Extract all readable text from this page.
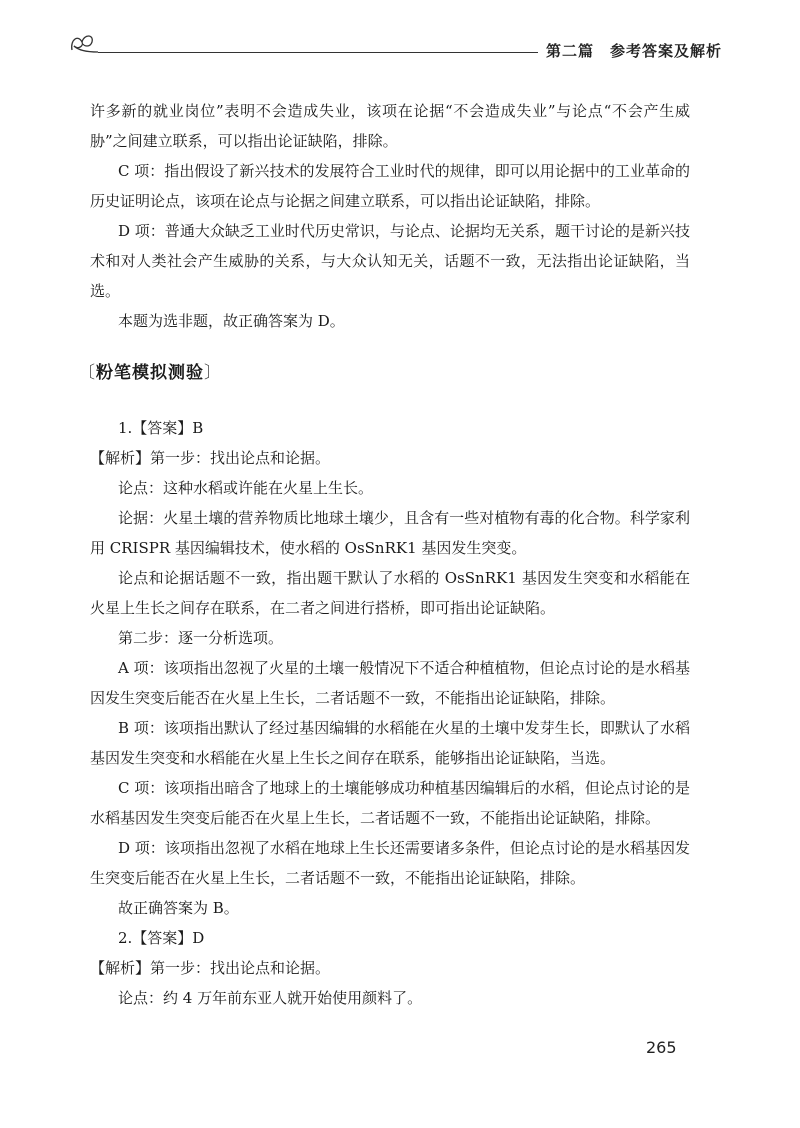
第二篇　参考答案及解析

许多新的就业岗位”表明不会造成失业，该项在论据“不会造成失业”与论点“不会产生威胁”之间建立联系，可以指出论证缺陷，排除。

C 项：指出假设了新兴技术的发展符合工业时代的规律，即可以用论据中的工业革命的历史证明论点，该项在论点与论据之间建立联系，可以指出论证缺陷，排除。

D 项：普通大众缺乏工业时代历史常识，与论点、论据均无关系，题干讨论的是新兴技术和对人类社会产生威胁的关系，与大众认知无关，话题不一致，无法指出论证缺陷，当选。

本题为选非题，故正确答案为 D。

〔粉笔模拟测验〕

1.【答案】B

【解析】第一步：找出论点和论据。

论点：这种水稻或许能在火星上生长。

论据：火星土壤的营养物质比地球土壤少，且含有一些对植物有毒的化合物。科学家利用 CRISPR 基因编辑技术，使水稻的 OsSnRK1 基因发生突变。

论点和论据话题不一致，指出题干默认了水稻的 OsSnRK1 基因发生突变和水稻能在火星上生长之间存在联系，在二者之间进行搭桥，即可指出论证缺陷。

第二步：逐一分析选项。

A 项：该项指出忽视了火星的土壤一般情况下不适合种植植物，但论点讨论的是水稻基因发生突变后能否在火星上生长，二者话题不一致，不能指出论证缺陷，排除。

B 项：该项指出默认了经过基因编辑的水稻能在火星的土壤中发芽生长，即默认了水稻基因发生突变和水稻能在火星上生长之间存在联系，能够指出论证缺陷，当选。

C 项：该项指出暗含了地球上的土壤能够成功种植基因编辑后的水稻，但论点讨论的是水稻基因发生突变后能否在火星上生长，二者话题不一致，不能指出论证缺陷，排除。

D 项：该项指出忽视了水稻在地球上生长还需要诸多条件，但论点讨论的是水稻基因发生突变后能否在火星上生长，二者话题不一致，不能指出论证缺陷，排除。

故正确答案为 B。

2.【答案】D

【解析】第一步：找出论点和论据。

论点：约 4 万年前东亚人就开始使用颜料了。

265
